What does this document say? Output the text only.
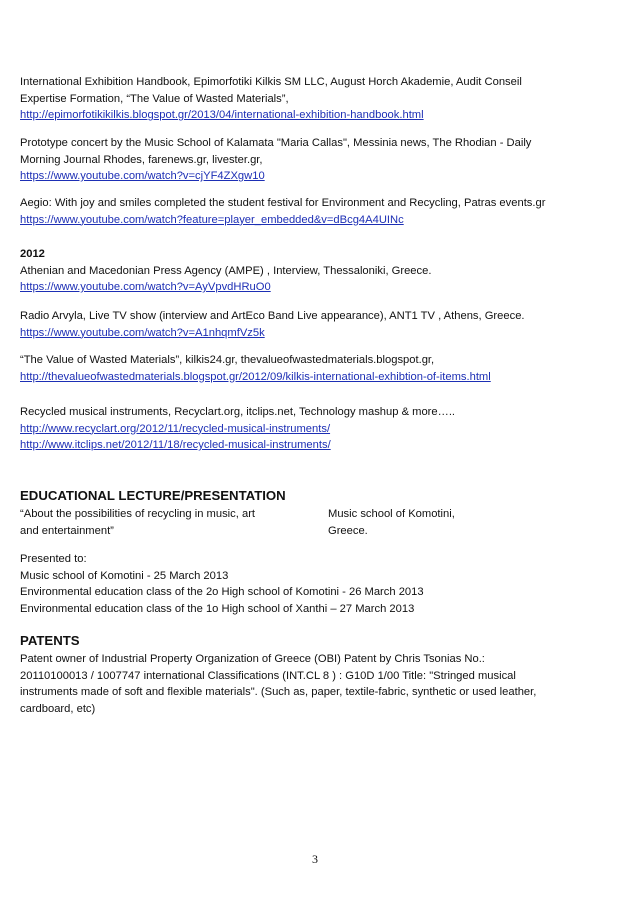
International Exhibition Handbook, Epimorfotiki Kilkis SM LLC, August Horch Akademie, Audit Conseil
Expertise Formation, “The Value of Wasted Materials”,
http://epimorfotikikilkis.blogspot.gr/2013/04/international-exhibition-handbook.html
Prototype concert by the Music School of Kalamata "Maria Callas", Messinia news, The Rhodian - Daily
Morning Journal Rhodes, farenews.gr, livester.gr,
https://www.youtube.com/watch?v=cjYF4ZXgw10
Aegio: With joy and smiles completed the student festival for Environment and Recycling, Patras events.gr
https://www.youtube.com/watch?feature=player_embedded&v=dBcg4A4UINc
2012
Athenian and Macedonian Press Agency (AMPE) , Interview, Thessaloniki, Greece.
https://www.youtube.com/watch?v=AyVpvdHRuO0
Radio Arvyla, Live TV show (interview and ArtEco Band Live appearance), ANT1 TV , Athens, Greece.
https://www.youtube.com/watch?v=A1nhqmfVz5k
“The Value of Wasted Materials”, kilkis24.gr, thevalueofwastedmaterials.blogspot.gr,
http://thevalueofwastedmaterials.blogspot.gr/2012/09/kilkis-international-exhibtion-of-items.html
Recycled musical instruments, Recyclart.org, itclips.net, Technology mashup & more…..
http://www.recyclart.org/2012/11/recycled-musical-instruments/
http://www.itclips.net/2012/11/18/recycled-musical-instruments/
EDUCATIONAL LECTURE/PRESENTATION
“About the possibilities of recycling in music, art
and entertainment”
Music school of Komotini,
Greece.
Presented to:
Music school of Komotini - 25 March 2013
Environmental education class of the 2o High school of Komotini - 26 March 2013
Environmental education class of the 1o High school of Xanthi – 27 March 2013
PATENTS
Patent owner of Industrial Property Organization of Greece (OBI) Patent by Chris Tsonias No.:
20110100013 / 1007747 international Classifications (INT.CL 8 ) : G10D 1/00 Title: "Stringed musical
instruments made of soft and flexible materials". (Such as, paper, textile-fabric, synthetic or used leather,
cardboard, etc)
3
